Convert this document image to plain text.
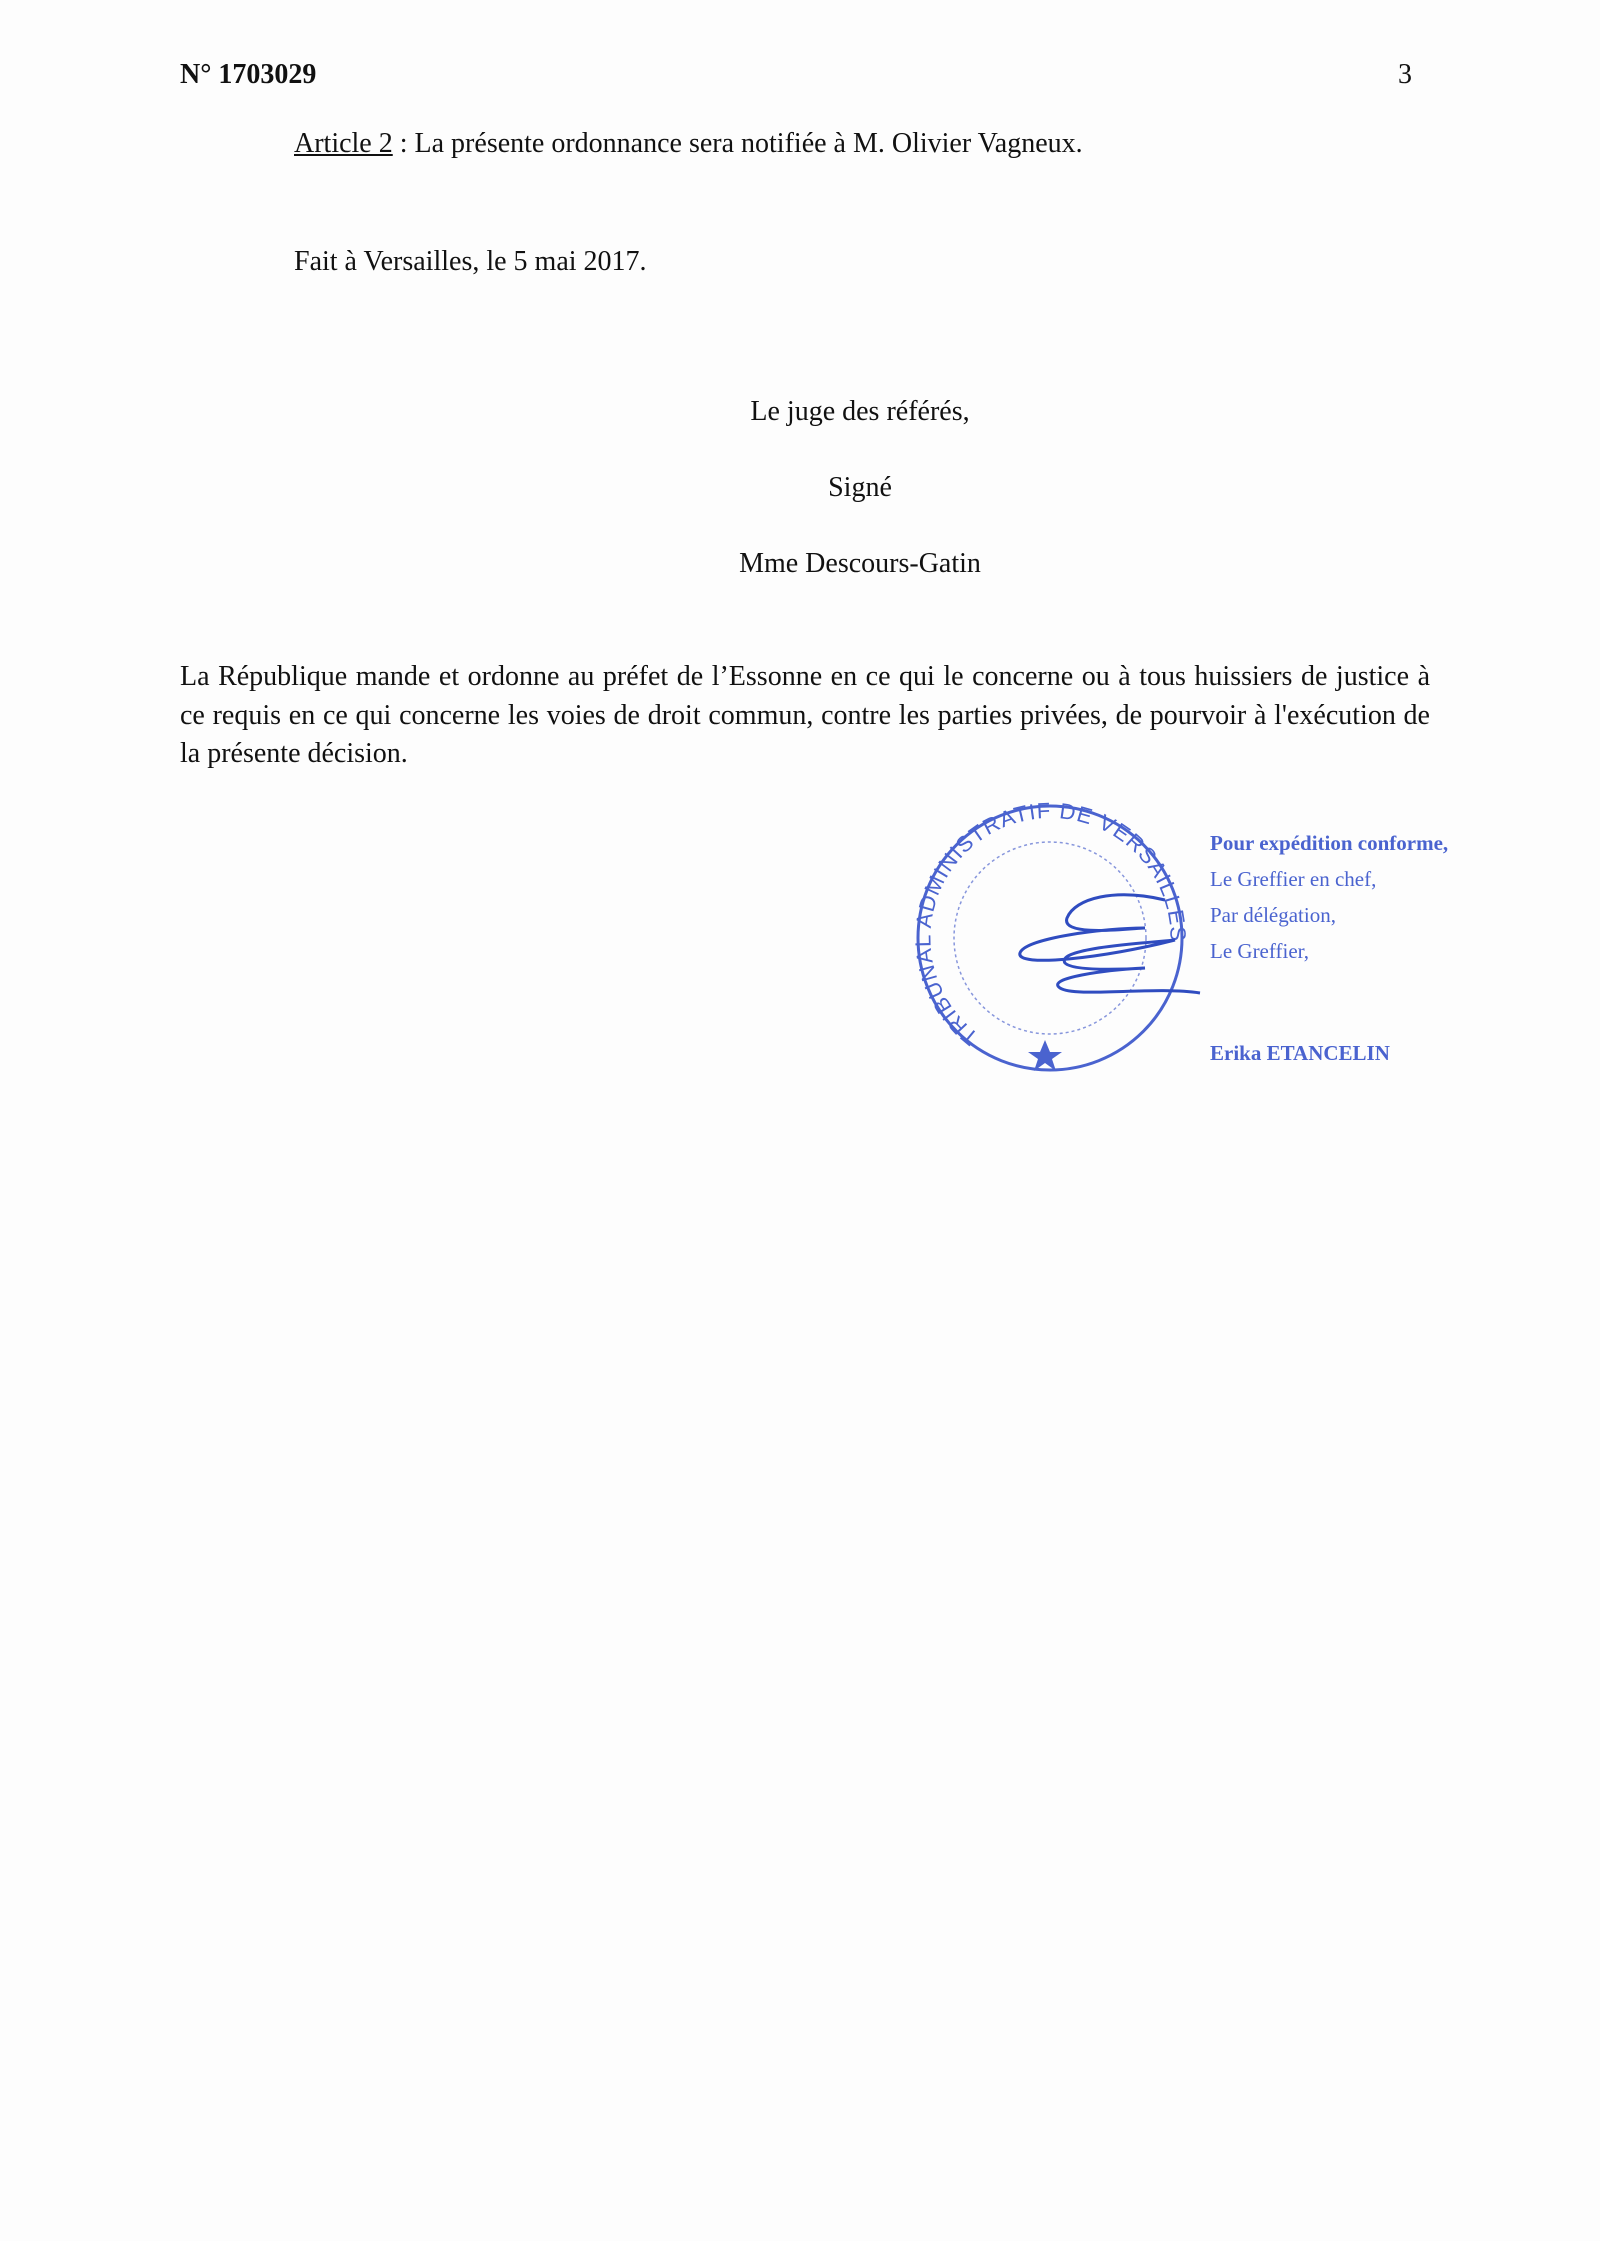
N° 1703029	3
Article 2 : La présente ordonnance sera notifiée à M. Olivier Vagneux.
Fait à Versailles, le 5 mai 2017.
Le juge des référés,
Signé
Mme Descours-Gatin
La République mande et ordonne au préfet de l’Essonne en ce qui le concerne ou à tous huissiers de justice à ce requis en ce qui concerne les voies de droit commun, contre les parties privées, de pourvoir à l'exécution de la présente décision.
TRIBUNAL ADMINISTRATIF DE VERSAILLES
Pour expédition conforme,
Le Greffier en chef,
Par délégation,
Le Greffier,
Erika ETANCELIN
